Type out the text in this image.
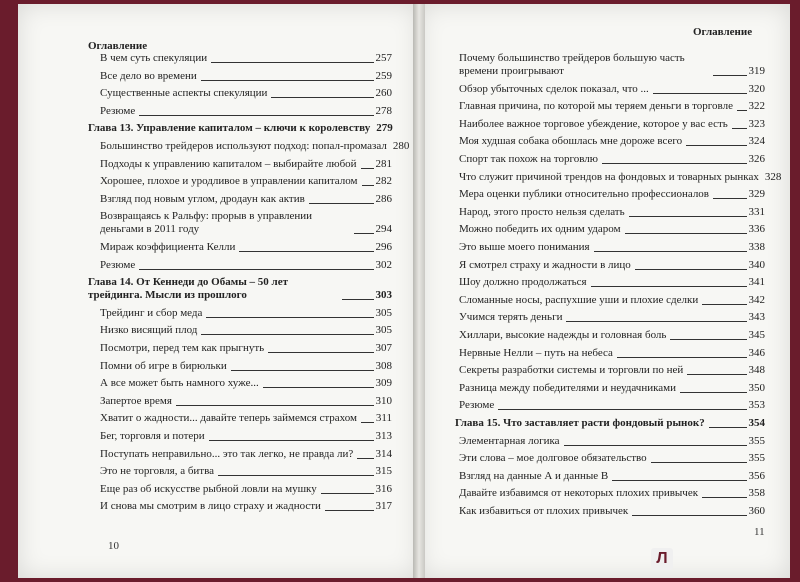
Оглавление
Оглавление
В чем суть спекуляции	257
Все дело во времени	259
Существенные аспекты спекуляции	260
Резюме	278
Глава 13. Управление капиталом – ключи к королевству 279
Большинство трейдеров используют подход: попал-промазал 280
Подходы к управлению капиталом – выбирайте любой 281
Хорошее, плохое и уродливое в управлении капиталом 282
Взгляд под новым углом, дродаун как актив	286
Возвращаясь к Ральфу: прорыв в управлении деньгами в 2011 году	294
Мираж коэффициента Келли	296
Резюме	302
Глава 14. От Кеннеди до Обамы – 50 лет трейдинга. Мысли из прошлого	303
Трейдинг и сбор меда	305
Низко висящий плод	305
Посмотри, перед тем как прыгнуть	307
Помни об игре в бирюльки	308
А все может быть намного хуже...	309
Запертое время	310
Хватит о жадности... давайте теперь займемся страхом 311
Бег, торговля и потери	313
Поступать неправильно... это так легко, не правда ли? 314
Это не торговля, а битва	315
Еще раз об искусстве рыбной ловли на мушку	316
И снова мы смотрим в лицо страху и жадности	317
Почему большинство трейдеров большую часть времени проигрывают	319
Обзор убыточных сделок показал, что ...	320
Главная причина, по которой мы теряем деньги в торговле 322
Наиболее важное торговое убеждение, которое у вас есть 323
Моя худшая собака обошлась мне дороже всего	324
Спорт так похож на торговлю	326
Что служит причиной трендов на фондовых и товарных рынках 328
Мера оценки публики относительно профессионалов	329
Народ, этого просто нельзя сделать	331
Можно победить их одним ударом	336
Это выше моего понимания	338
Я смотрел страху и жадности в лицо	340
Шоу должно продолжаться	341
Сломанные носы, распухшие уши и плохие сделки	342
Учимся терять деньги	343
Хиллари, высокие надежды и головная боль	345
Нервные Нелли – путь на небеса	346
Секреты разработки системы и торговли по ней	348
Разница между победителями и неудачниками	350
Резюме	353
Глава 15. Что заставляет расти фондовый рынок?	354
Элементарная логика	355
Эти слова – мое долговое обязательство	355
Взгляд на данные А и данные В	356
Давайте избавимся от некоторых плохих привычек	358
Как избавиться от плохих привычек	360
10
11
Л
